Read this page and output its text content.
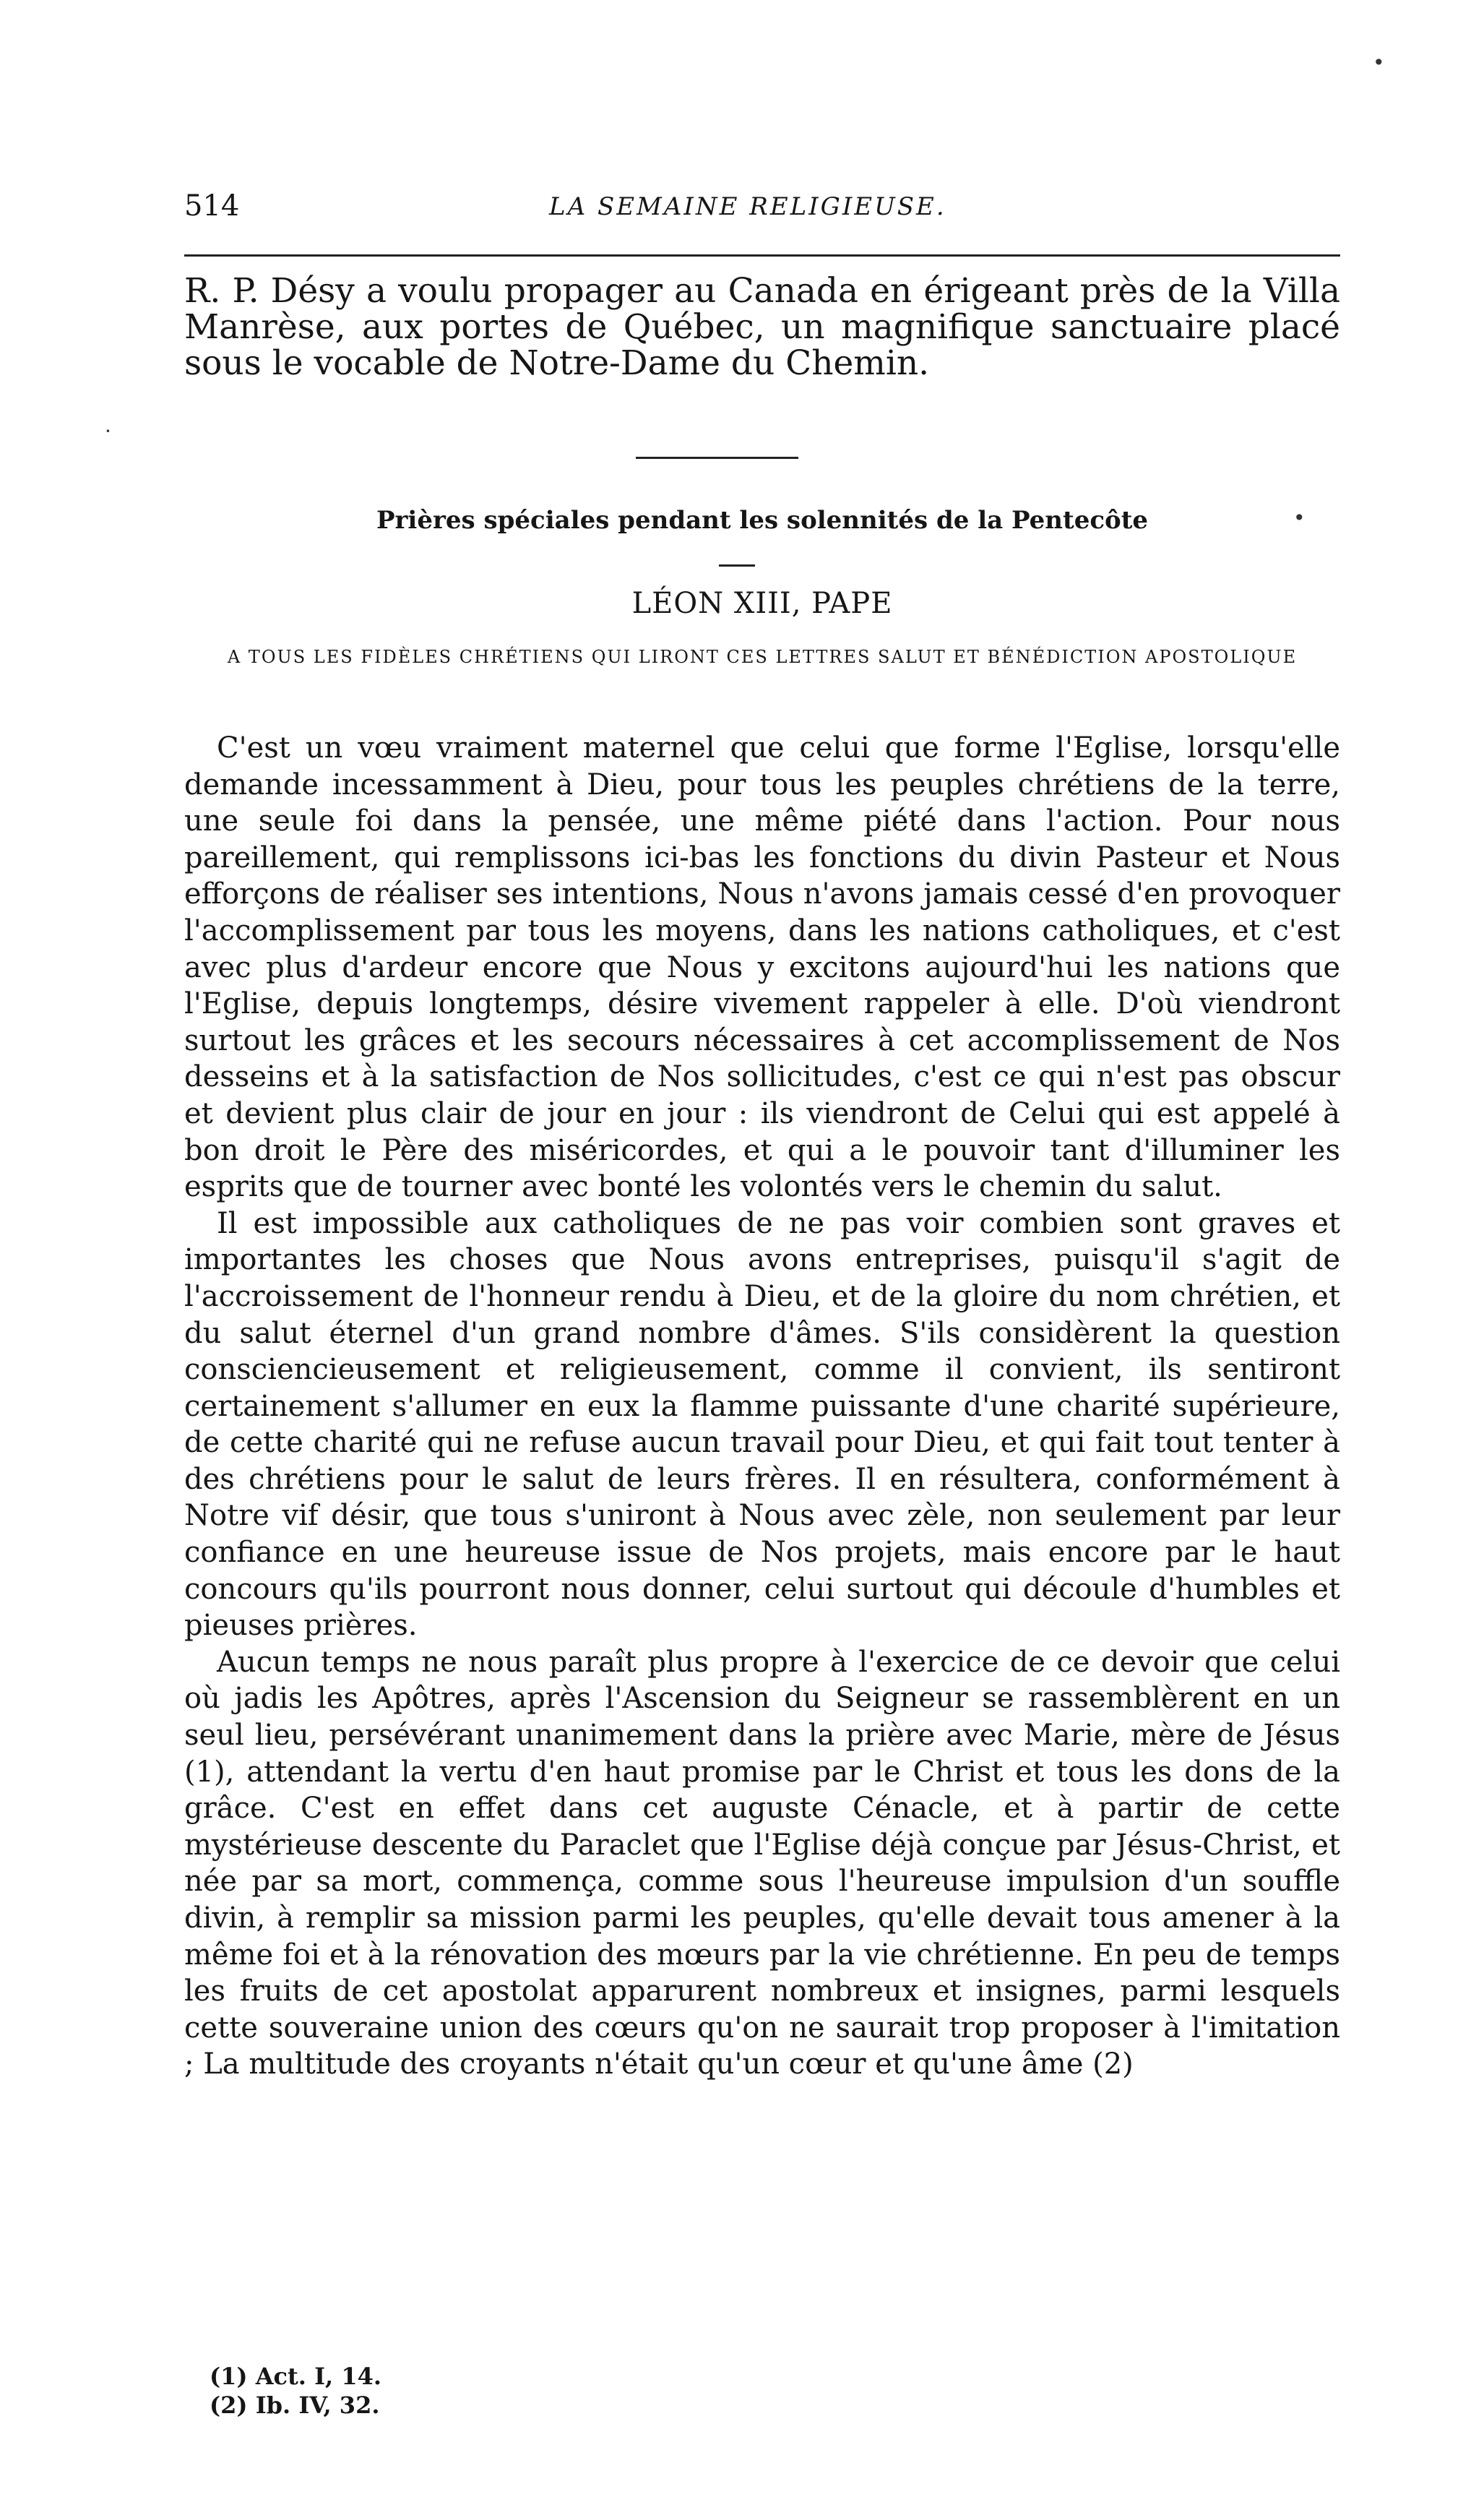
514	LA SEMAINE RELIGIEUSE.

R. P. Désy a voulu propager au Canada en érigeant près de la Villa Manrèse, aux portes de Québec, un magnifique sanctuaire placé sous le vocable de Notre-Dame du Chemin.

Prières spéciales pendant les solennités de la Pentecôte
LÉON XIII, PAPE
A TOUS LES FIDÈLES CHRÉTIENS QUI LIRONT CES LETTRES SALUT ET BÉNÉDICTION APOSTOLIQUE

C'est un vœu vraiment maternel que celui que forme l'Eglise, lorsqu'elle demande incessamment à Dieu, pour tous les peuples chrétiens de la terre, une seule foi dans la pensée, une même piété dans l'action. Pour nous pareillement, qui remplissons ici-bas les fonctions du divin Pasteur et Nous efforçons de réaliser ses intentions, Nous n'avons jamais cessé d'en provoquer l'accomplissement par tous les moyens, dans les nations catholiques, et c'est avec plus d'ardeur encore que Nous y excitons aujourd'hui les nations que l'Eglise, depuis longtemps, désire vivement rappeler à elle. D'où viendront surtout les grâces et les secours nécessaires à cet accomplissement de Nos desseins et à la satisfaction de Nos sollicitudes, c'est ce qui n'est pas obscur et devient plus clair de jour en jour : ils viendront de Celui qui est appelé à bon droit le Père des miséricordes, et qui a le pouvoir tant d'illuminer les esprits que de tourner avec bonté les volontés vers le chemin du salut.

Il est impossible aux catholiques de ne pas voir combien sont graves et importantes les choses que Nous avons entreprises, puisqu'il s'agit de l'accroissement de l'honneur rendu à Dieu, et de la gloire du nom chrétien, et du salut éternel d'un grand nombre d'âmes. S'ils considèrent la question consciencieusement et religieusement, comme il convient, ils sentiront certainement s'allumer en eux la flamme puissante d'une charité supérieure, de cette charité qui ne refuse aucun travail pour Dieu, et qui fait tout tenter à des chrétiens pour le salut de leurs frères. Il en résultera, conformément à Notre vif désir, que tous s'uniront à Nous avec zèle, non seulement par leur confiance en une heureuse issue de Nos projets, mais encore par le haut concours qu'ils pourront nous donner, celui surtout qui découle d'humbles et pieuses prières.

Aucun temps ne nous paraît plus propre à l'exercice de ce devoir que celui où jadis les Apôtres, après l'Ascension du Seigneur se rassemblèrent en un seul lieu, persévérant unanimement dans la prière avec Marie, mère de Jésus (1), attendant la vertu d'en haut promise par le Christ et tous les dons de la grâce. C'est en effet dans cet auguste Cénacle, et à partir de cette mystérieuse descente du Paraclet que l'Eglise déjà conçue par Jésus-Christ, et née par sa mort, commença, comme sous l'heureuse impulsion d'un souffle divin, à remplir sa mission parmi les peuples, qu'elle devait tous amener à la même foi et à la rénovation des mœurs par la vie chrétienne. En peu de temps les fruits de cet apostolat apparurent nombreux et insignes, parmi lesquels cette souveraine union des cœurs qu'on ne saurait trop proposer à l'imitation ; La multitude des croyants n'était qu'un cœur et qu'une âme (2)

(1) Act. I, 14.
(2) Ib. IV, 32.
•
•
·
